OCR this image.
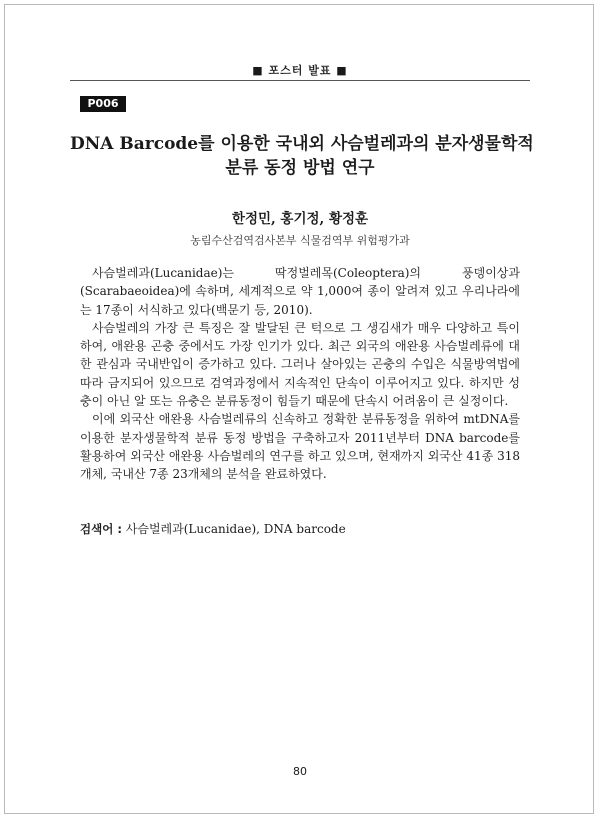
■ 포스터 발표 ■
P006
DNA Barcode를 이용한 국내외 사슴벌레과의 분자생물학적
분류 동정 방법 연구
한정민, 홍기정, 황정훈
농림수산검역검사본부 식물검역부 위험평가과

사슴벌레과(Lucanidae)는 딱정벌레목(Coleoptera)의 풍뎅이상과(Scarabaeoidea)에 속하며, 세계적으로 약 1,000여 종이 알려져 있고 우리나라에는 17종이 서식하고 있다(백문기 등, 2010).

사슴벌레의 가장 큰 특징은 잘 발달된 큰 턱으로 그 생김새가 매우 다양하고 특이하여, 애완용 곤충 중에서도 가장 인기가 있다. 최근 외국의 애완용 사슴벌레류에 대한 관심과 국내반입이 증가하고 있다. 그러나 살아있는 곤충의 수입은 식물방역법에 따라 금지되어 있으므로 검역과정에서 지속적인 단속이 이루어지고 있다. 하지만 성충이 아닌 알 또는 유충은 분류동정이 힘들기 때문에 단속시 어려움이 큰 실정이다.

이에 외국산 애완용 사슴벌레류의 신속하고 정확한 분류동정을 위하여 mtDNA를 이용한 분자생물학적 분류 동정 방법을 구축하고자 2011년부터 DNA barcode를 활용하여 외국산 애완용 사슴벌레의 연구를 하고 있으며, 현재까지 외국산 41종 318개체, 국내산 7종 23개체의 분석을 완료하였다.

검색어 : 사슴벌레과(Lucanidae), DNA barcode
80
